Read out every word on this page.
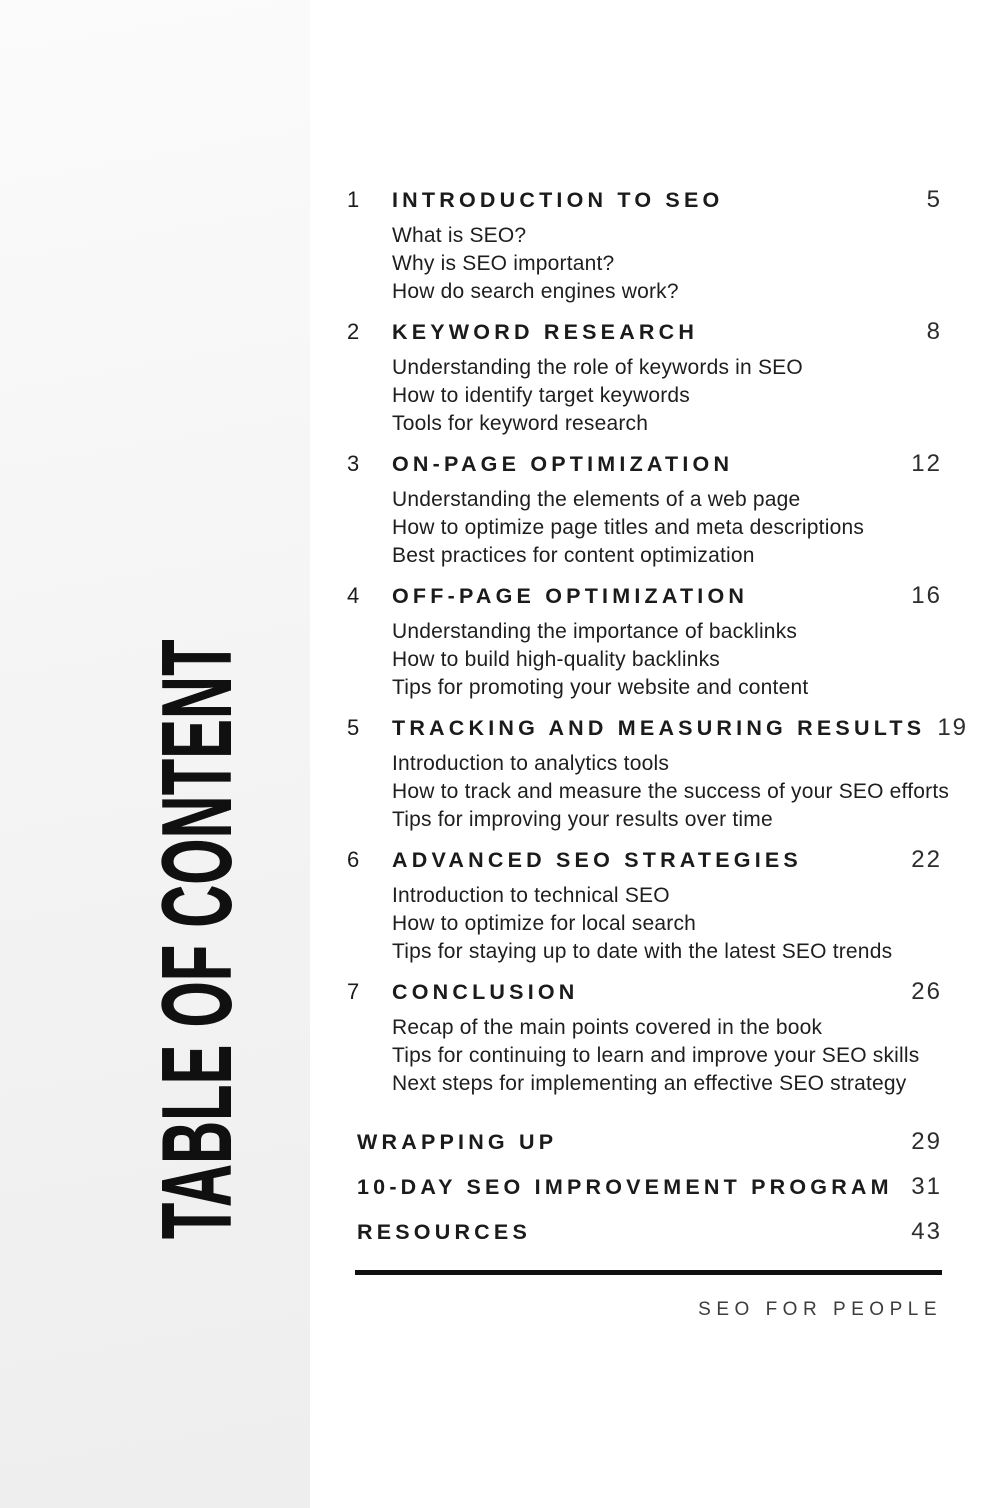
TABLE OF CONTENT
1	INTRODUCTION TO SEO	5
What is SEO?
Why is SEO important?
How do search engines work?
2	KEYWORD RESEARCH	8
Understanding the role of keywords in SEO
How to identify target keywords
Tools for keyword research
3	ON-PAGE OPTIMIZATION	12
Understanding the elements of a web page
How to optimize page titles and meta descriptions
Best practices for content optimization
4	OFF-PAGE OPTIMIZATION	16
Understanding the importance of backlinks
How to build high-quality backlinks
Tips for promoting your website and content
5	TRACKING AND MEASURING RESULTS 19
Introduction to analytics tools
How to track and measure the success of your SEO efforts
Tips for improving your results over time
6	ADVANCED SEO STRATEGIES	22
Introduction to technical SEO
How to optimize for local search
Tips for staying up to date with the latest SEO trends
7	CONCLUSION	26
Recap of the main points covered in the book
Tips for continuing to learn and improve your SEO skills
Next steps for implementing an effective SEO strategy
WRAPPING UP	29
10-DAY SEO IMPROVEMENT PROGRAM 31
RESOURCES	43
SEO FOR PEOPLE
